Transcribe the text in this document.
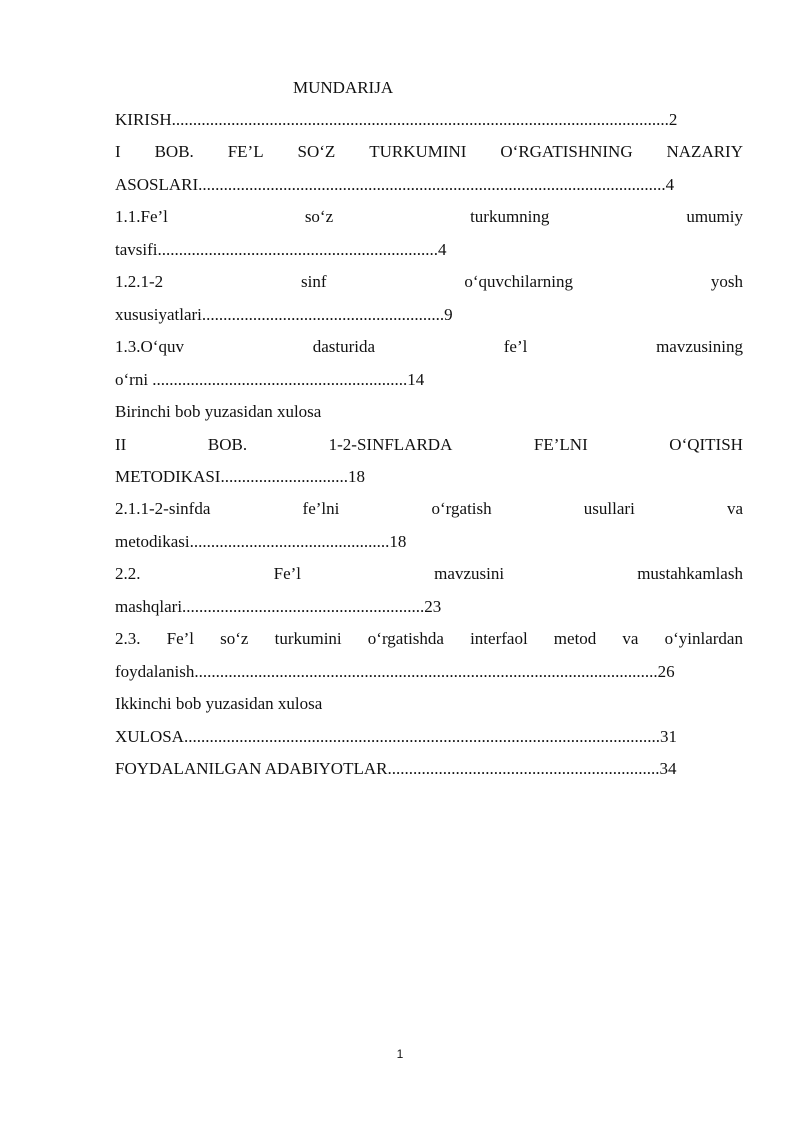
MUNDARIJA
KIRISH.....................................................................................................................2
I BOB. FE’L SO‘Z TURKUMINI O‘RGATISHNING NAZARIY
ASOSLARI..............................................................................................................4
1.1.Fe’l	so‘z	turkumning	umumiy
tavsifi..................................................................4
1.2.1-2	sinf	o‘quvchilarning	yosh
xususiyatlari.........................................................9
1.3.O‘quv	dasturida	fe’l	mavzusining
o‘rni ............................................................14
Birinchi bob yuzasidan xulosa
II	BOB.	1-2-SINFLARDA	FE’LNI	O‘QITISH
METODIKASI..............................18
2.1.1-2-sinfda	fe’lni	o‘rgatish	usullari	va
metodikasi...............................................18
2.2.	Fe’l	mavzusini	mustahkamlash
mashqlari.........................................................23
2.3. Fe’l so‘z turkumini o‘rgatishda interfaol metod va o‘yinlardan
foydalanish.............................................................................................................26
Ikkinchi bob yuzasidan xulosa
XULOSA................................................................................................................31
FOYDALANILGAN ADABIYOTLAR................................................................34
1
